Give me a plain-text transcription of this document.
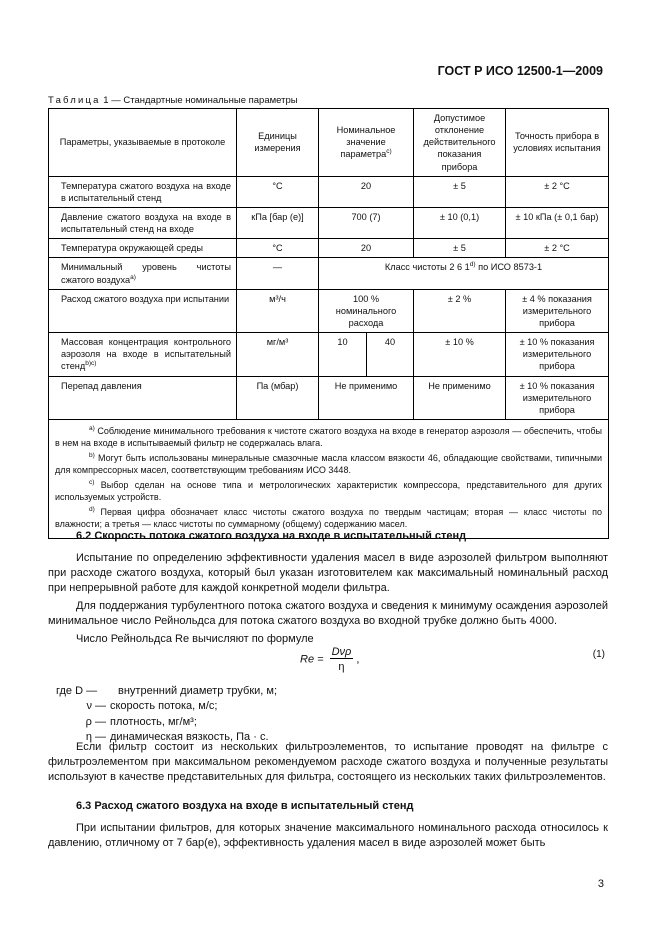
ГОСТ Р ИСО 12500-1—2009
Таблица 1 — Стандартные номинальные параметры
Параметры, указываемые в протоколе	Единицы измерения	Номинальное значение параметра$^{c)}$		Допустимое отклонение действительного показания прибора	Точность прибора в условиях испытания
Температура сжатого воздуха на входе в испытательный стенд	°C	20		± 5	± 2 °C
Давление сжатого воздуха на входе в испытательный стенд на входе	кПа [бар (е)]	700 (7)		± 10 (0,1)	± 10 кПа (± 0,1 бар)
Температура окружающей среды	°C	20		± 5	± 2 °C
Минимальный уровень чистоты сжатого воздуха$^{a)}$	—	Класс чистоты 2 6 1$^{d)}$ по ИСО 8573-1			
Расход сжатого воздуха при испытании	м³/ч	100 % номинального расхода		± 2 %	± 4 % показания измерительного прибора
Массовая концентрация контрольного аэрозоля на входе в испытательный стенд$^{b)c)}$	мг/м³	10	40	± 10 %	± 10 % показания измерительного прибора
Перепад давления	Па (мбар)	Не применимо		Не применимо	± 10 % показания измерительного прибора

$^{a)}$ Соблюдение минимального требования к чистоте сжатого воздуха на входе в генератор аэрозоля — обеспечить, чтобы в нем на входе в испытываемый фильтр не содержалась влага.

$^{b)}$ Могут быть использованы минеральные смазочные масла классом вязкости 46, обладающие свойствами, типичными для компрессорных масел, соответствующим требованиям ИСО 3448.

$^{c)}$ Выбор сделан на основе типа и метрологических характеристик компрессора, представительного для других используемых устройств.

$^{d)}$ Первая цифра обозначает класс чистоты сжатого воздуха по твердым частицам; вторая — класс чистоты по влажности; а третья — класс чистоты по суммарному (общему) содержанию масел.					

6.2 Скорость потока сжатого воздуха на входе в испытательный стенд

Испытание по определению эффективности удаления масел в виде аэрозолей фильтром выполняют при расходе сжатого воздуха, который был указан изготовителем как максимальный номинальный расход при непрерывной работе для каждой конкретной модели фильтра.

Для поддержания турбулентного потока сжатого воздуха и сведения к минимуму осаждения аэрозолей минимальное число Рейнольдса для потока сжатого воздуха во входной трубке должно быть 4000.

Число Рейнольдса Re вычисляют по формуле

Re =
Dνρ
η
,	(1)
где D —	внутренний диаметр трубки, м;
ν — скорость потока, м/с;
ρ — плотность, мг/м³;
η — динамическая вязкость, Па · с.

Если фильтр состоит из нескольких фильтроэлементов, то испытание проводят на фильтре с фильтроэлементом при максимальном рекомендуемом расходе сжатого воздуха и полученные результаты используют в качестве представительных для фильтра, состоящего из нескольких таких фильтроэлементов.

6.3 Расход сжатого воздуха на входе в испытательный стенд

При испытании фильтров, для которых значение максимального номинального расхода относилось к давлению, отличному от 7 бар(е), эффективность удаления масел в виде аэрозолей может быть

3
